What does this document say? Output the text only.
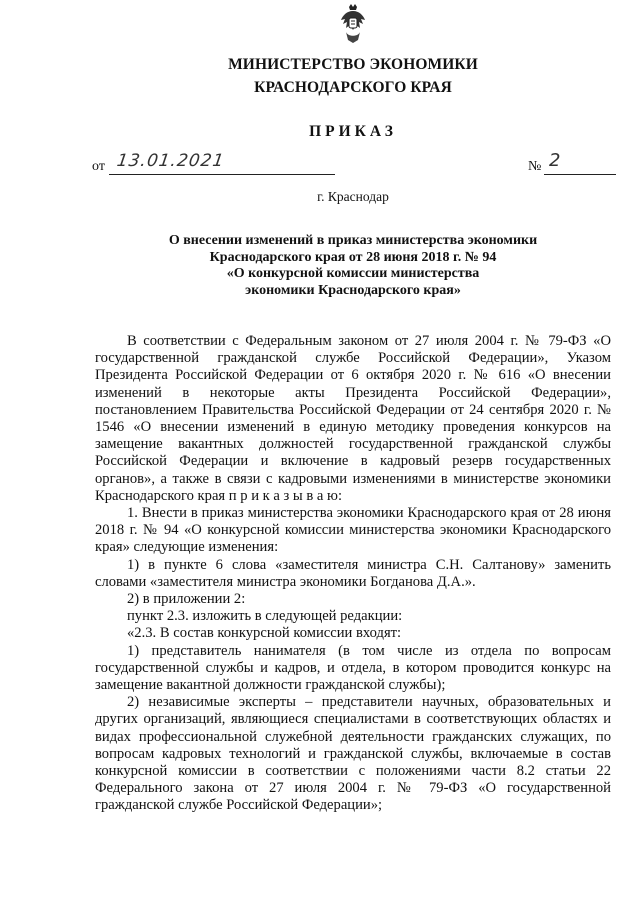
МИНИСТЕРСТВО ЭКОНОМИКИ
КРАСНОДАРСКОГО КРАЯ
ПРИКАЗ
от 13.01.2021	№ 2
г. Краснодар
О внесении изменений в приказ министерства экономики
Краснодарского края от 28 июня 2018 г. № 94
«О конкурсной комиссии министерства
экономики Краснодарского края»

В соответствии с Федеральным законом от 27 июля 2004 г. № 79-ФЗ «О государственной гражданской службе Российской Федерации», Указом Президента Российской Федерации от 6 октября 2020 г. № 616 «О внесении изменений в некоторые акты Президента Российской Федерации», постановлением Правительства Российской Федерации от 24 сентября 2020 г. № 1546 «О внесении изменений в единую методику проведения конкурсов на замещение вакантных должностей государственной гражданской службы Российской Федерации и включение в кадровый резерв государственных органов», а также в связи с кадровыми изменениями в министерстве экономики Краснодарского края п р и к а з ы в а ю:

1. Внести в приказ министерства экономики Краснодарского края от 28 июня 2018 г. № 94 «О конкурсной комиссии министерства экономики Краснодарского края» следующие изменения:

1) в пункте 6 слова «заместителя министра С.Н. Салтанову» заменить словами «заместителя министра экономики Богданова Д.А.».

2) в приложении 2:

пункт 2.3. изложить в следующей редакции:

«2.3. В состав конкурсной комиссии входят:

1) представитель нанимателя (в том числе из отдела по вопросам государственной службы и кадров, и отдела, в котором проводится конкурс на замещение вакантной должности гражданской службы);

2) независимые эксперты – представители научных, образовательных и других организаций, являющиеся специалистами в соответствующих областях и видах профессиональной служебной деятельности гражданских служащих, по вопросам кадровых технологий и гражданской службы, включаемые в состав конкурсной комиссии в соответствии с положениями части 8.2 статьи 22 Федерального закона от 27 июля 2004 г. № 79-ФЗ «О государственной гражданской службе Российской Федерации»;
